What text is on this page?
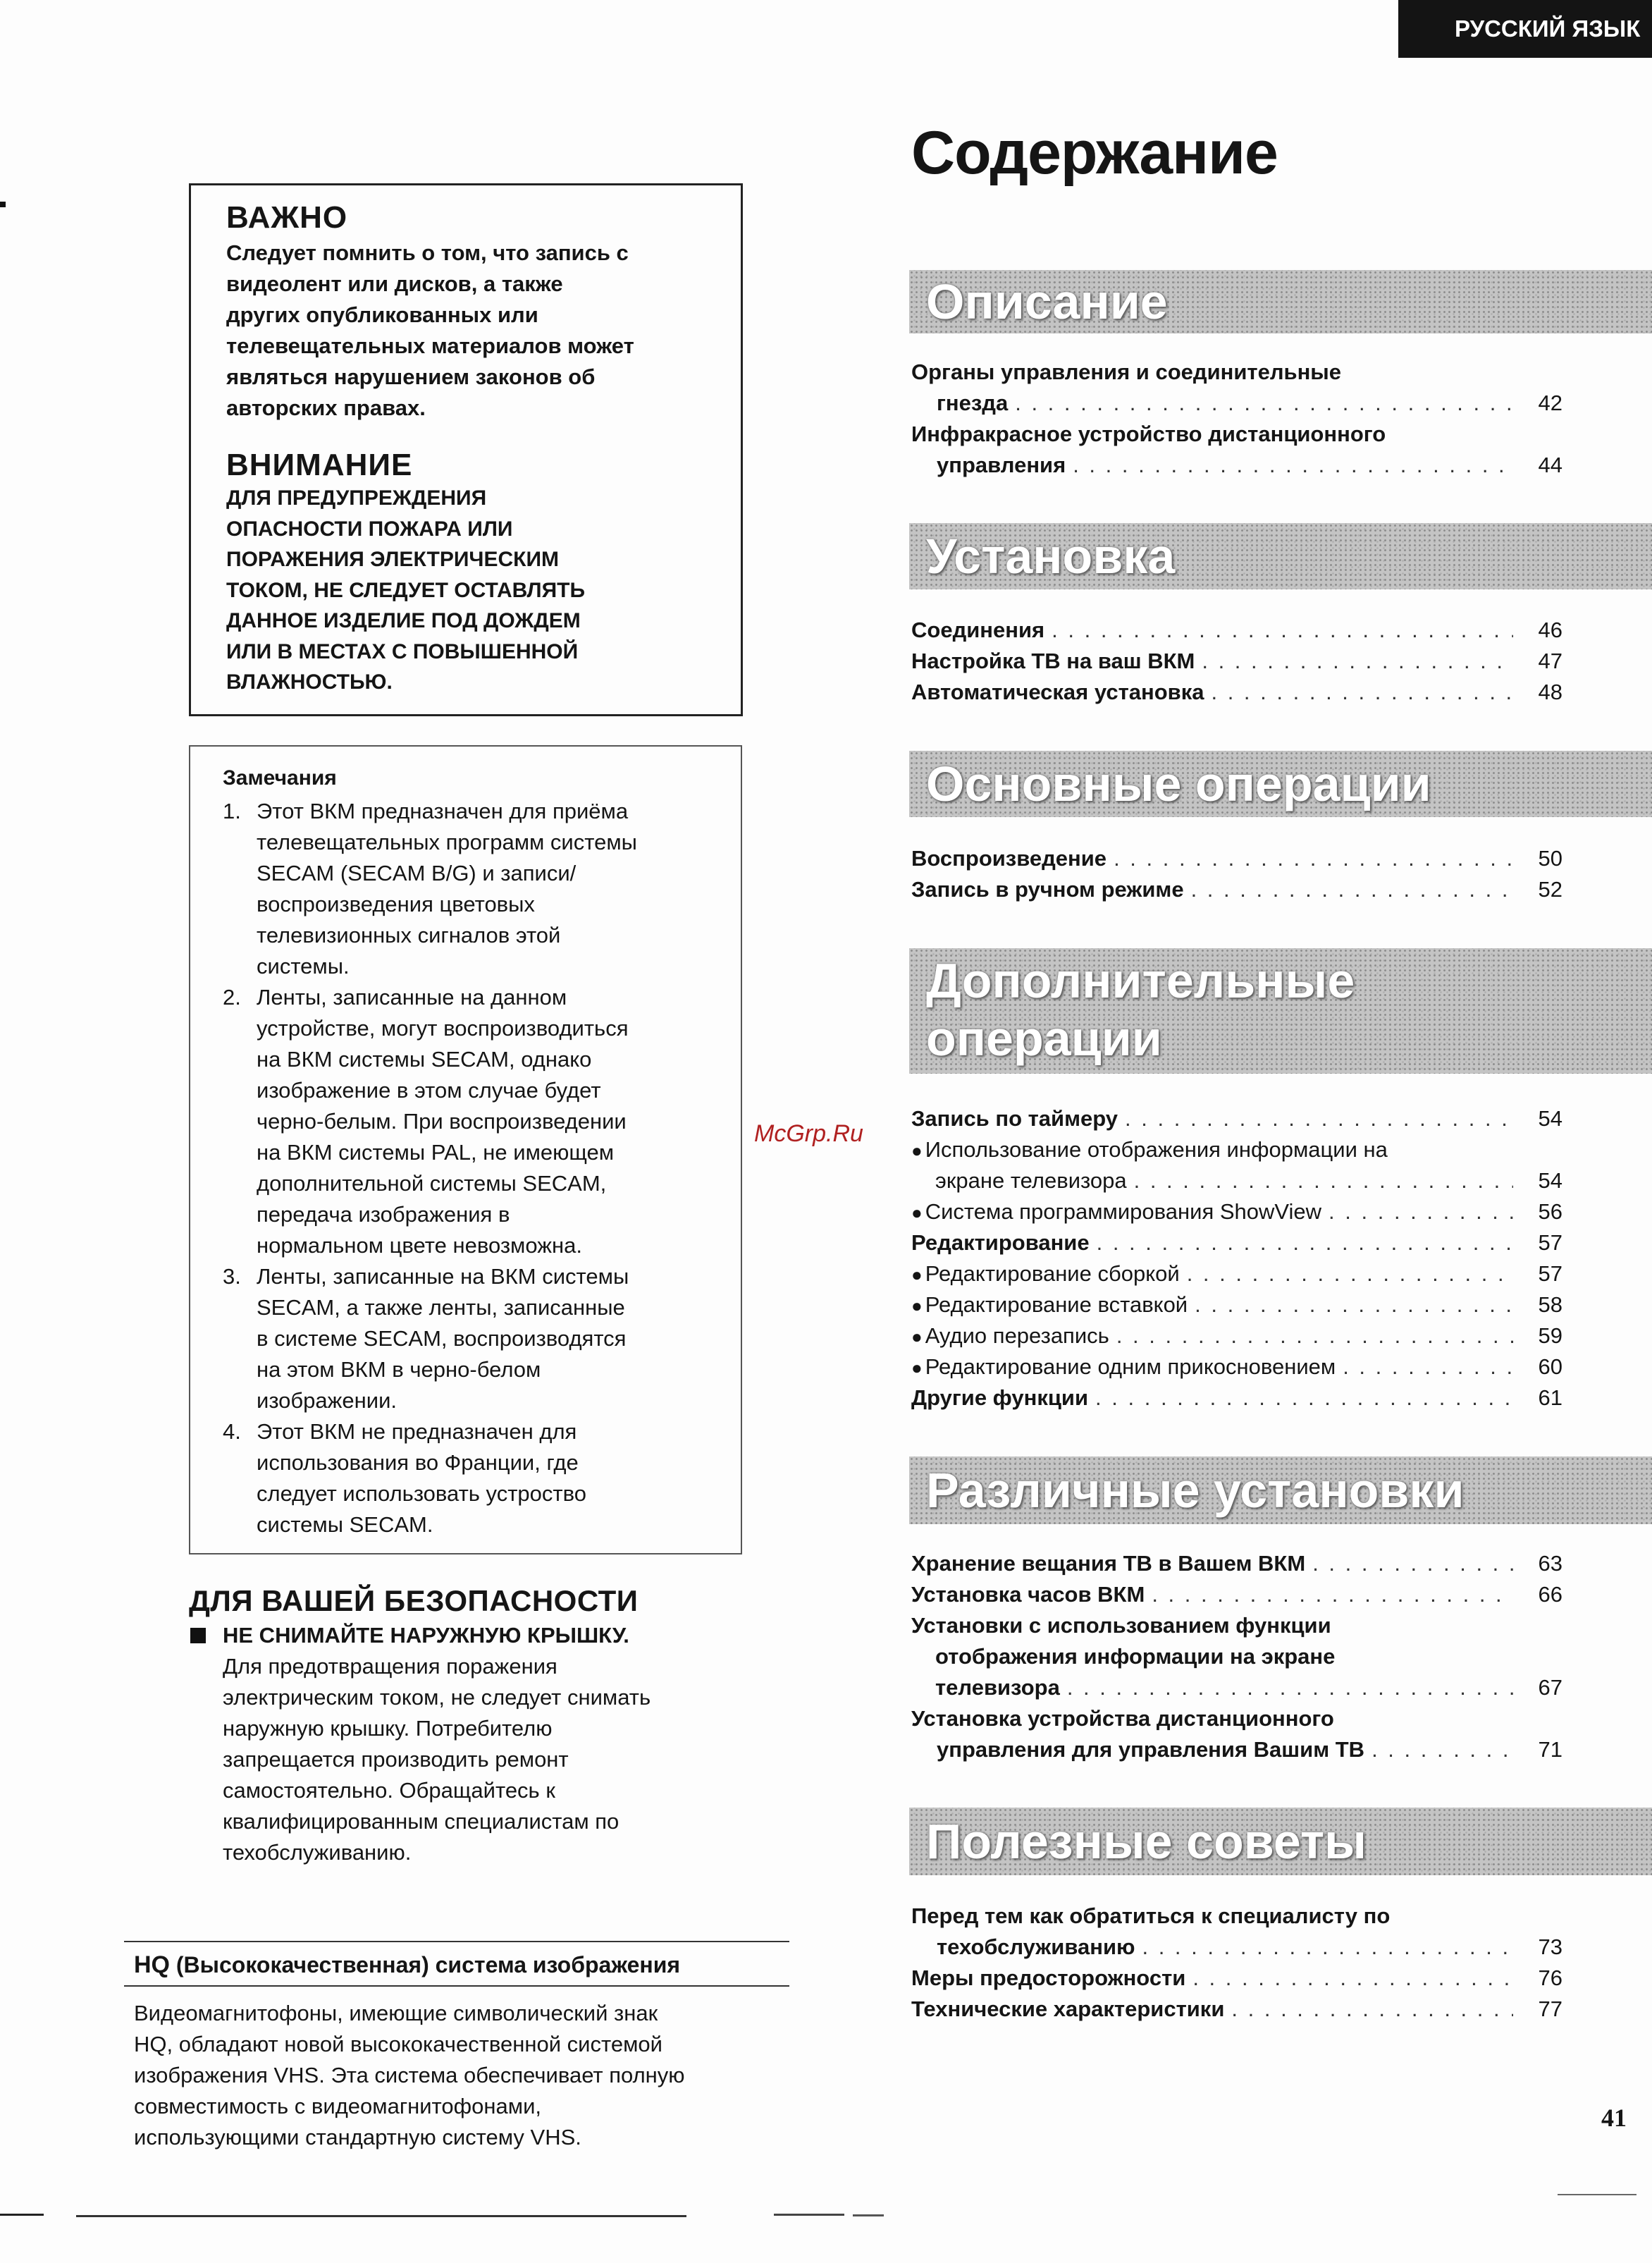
РУССКИЙ ЯЗЫК

ВАЖНО

Следует помнить о том, что запись с

видеолент или дисков, а также

других опубликованных или

телевещательных материалов может

являться нарушением законов об

авторских правах.

ВНИМАНИЕ

ДЛЯ ПРЕДУПРЕЖДЕНИЯ

ОПАСНОСТИ ПОЖАРА ИЛИ

ПОРАЖЕНИЯ ЭЛЕКТРИЧЕСКИМ

ТОКОМ, НЕ СЛЕДУЕТ ОСТАВЛЯТЬ

ДАННОЕ ИЗДЕЛИЕ ПОД ДОЖДЕМ

ИЛИ В МЕСТАХ С ПОВЫШЕННОЙ

ВЛАЖНОСТЬЮ.

Замечания

1. Этот ВКМ предназначен для приёма
телевещательных программ системы
SECAM (SECAM B/G) и записи/
воспроизведения цветовых
телевизионных сигналов этой
системы.
2. Ленты, записанные на данном
устройстве, могут воспроизводиться
на ВКМ системы SECAM, однако
изображение в этом случае будет
черно-белым. При воспроизведении
на ВКМ системы PAL, не имеющем
дополнительной системы SECAM,
передача изображения в
нормальном цвете невозможна.
3. Ленты, записанные на ВКМ системы
SECAM, а также ленты, записанные
в системе SECAM, воспроизводятся
на этом ВКМ в черно-белом
изображении.
4. Этот ВКМ не предназначен для
использования во Франции, где
следует использовать устроство
системы SECAM.

ДЛЯ ВАШЕЙ БЕЗОПАСНОСТИ

НЕ СНИМАЙТЕ НАРУЖНУЮ КРЫШКУ.

Для предотвращения поражения

электрическим током, не следует снимать

наружную крышку. Потребителю

запрещается производить ремонт

самостоятельно. Обращайтесь к

квалифицированным специалистам по

техобслуживанию.

HQ (Высококачественная) система изображения
Видеомагнитофоны, имеющие символический знак
HQ, обладают новой высококачественной системой
изображения VHS. Эта система обеспечивает полную
совместимость с видеомагнитофонами,
использующими стандартную систему VHS.
Содержание
Описание
Органы управления и соединительные
гнезда . . .	42
Инфракрасное устройство дистанционного
управления . . .	44
Установка
Соединения . . .	46
Настройка ТВ на ваш ВКМ . . .	47
Автоматическая установка . . .	48
Основные операции
Воспроизведение . . .	50
Запись в ручном режиме . . .	52
Дополнительные
операции
Запись по таймеру . . .	54
● Использование отображения информации на
экране телевизора . . .	54
● Система программирования ShowView . . .	56
Редактирование . . .	57
● Редактирование сборкой . . .	57
● Редактирование вставкой . . .	58
● Аудио перезапись . . .	59
● Редактирование одним прикосновением . . .	60
Другие функции . . .	61
Различные установки
Хранение вещания ТВ в Вашем ВКМ . . .	63
Установка часов ВКМ . . .	66
Установки с использованием функции
отображения информации на экране
телевизора . . .	67
Установка устройства дистанционного
управления для управления Вашим ТВ . . .	71
Полезные советы
Перед тем как обратиться к специалисту по
техобслуживанию . . .	73
Меры предосторожности . . .	76
Технические характеристики . . .	77
McGrp.Ru
41
